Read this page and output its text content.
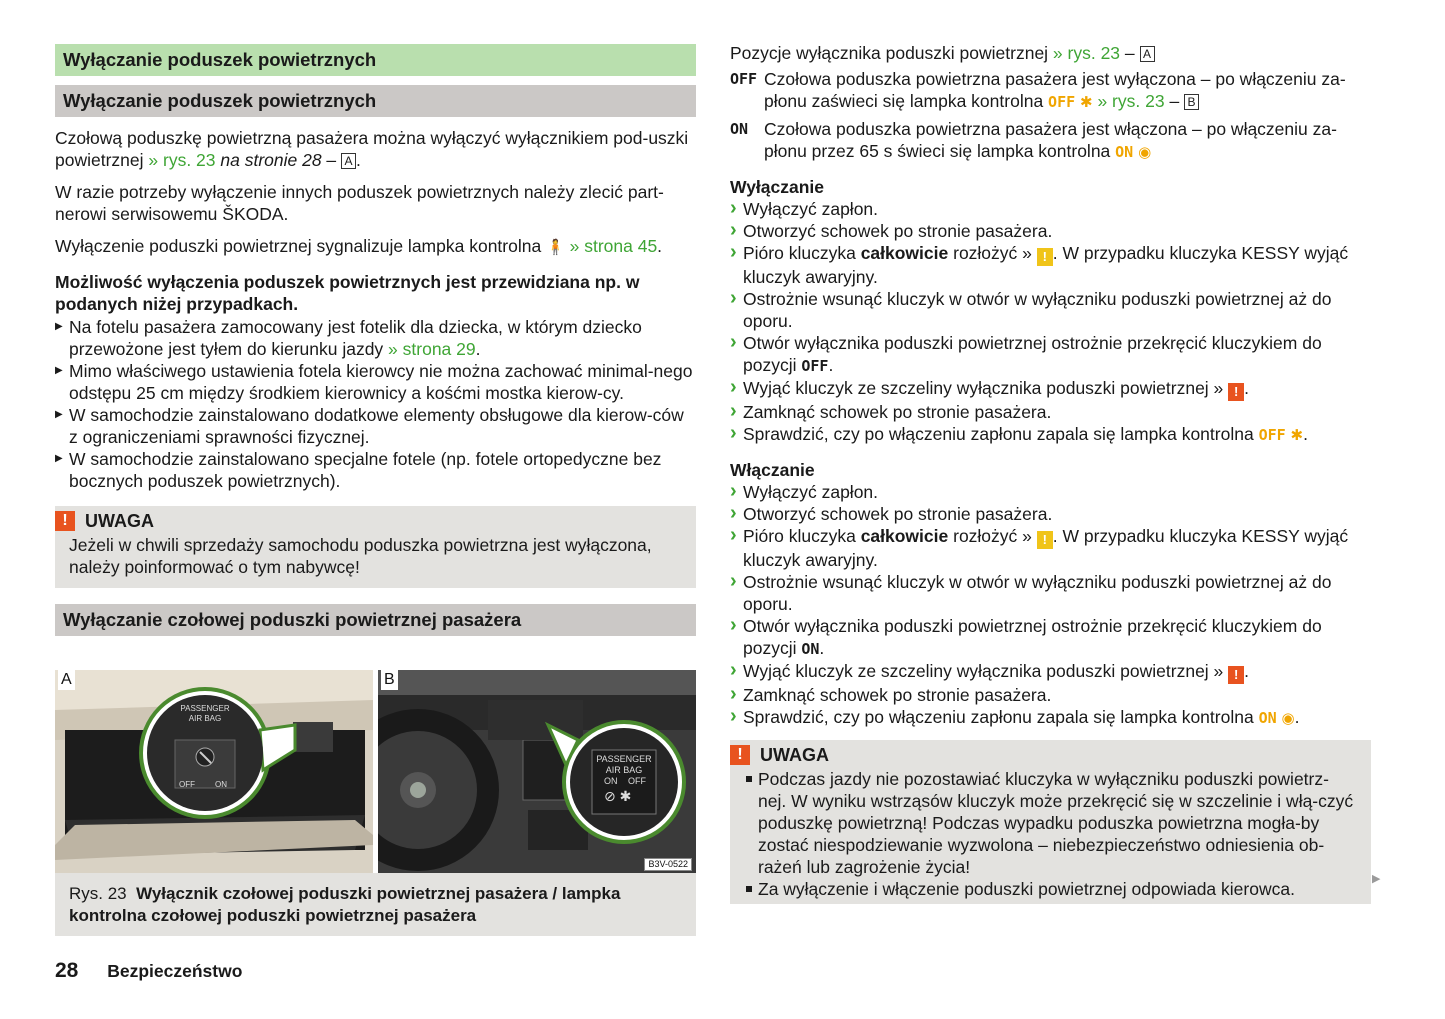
Wyłączanie poduszek powietrznych
Wyłączanie poduszek powietrznych

Czołową poduszkę powietrzną pasażera można wyłączyć wyłącznikiem pod-uszki powietrznej » rys. 23 na stronie 28 – A .

W razie potrzeby wyłączenie innych poduszek powietrznych należy zlecić part-nerowi serwisowemu ŠKODA.

Wyłączenie poduszki powietrznej sygnalizuje lampka kontrolna 🧍 » strona 45.

Możliwość wyłączenia poduszek powietrznych jest przewidziana np. w podanych niżej przypadkach.

▶ Na fotelu pasażera zamocowany jest fotelik dla dziecka, w którym dziecko przewożone jest tyłem do kierunku jazdy » strona 29.
▶ Mimo właściwego ustawienia fotela kierowcy nie można zachować minimal-nego odstępu 25 cm między środkiem kierownicy a kośćmi mostka kierow-cy.
▶ W samochodzie zainstalowano dodatkowe elementy obsługowe dla kierow-ców z ograniczeniami sprawności fizycznej.
▶ W samochodzie zainstalowano specjalne fotele (np. fotele ortopedyczne bez bocznych poduszek powietrznych).
! UWAGA
Jeżeli w chwili sprzedaży samochodu poduszka powietrzna jest wyłączona, należy poinformować o tym nabywcę!
Wyłączanie czołowej poduszki powietrznej pasażera
A
PASSENGER
AIR BAG
OFF	ON
B
PASSENGER
AIR BAG
ON OFF
⊘ ✱
B3V-0522
Rys. 23 Wyłącznik czołowej poduszki powietrznej pasażera / lampka kontrolna czołowej poduszki powietrznej pasażera
Pozycje wyłącznika poduszki powietrznej » rys. 23 – A
OFF Czołowa poduszka powietrzna pasażera jest wyłączona – po włączeniu za-płonu zaświeci się lampka kontrolna OFF ✱ » rys. 23 – B
ON Czołowa poduszka powietrzna pasażera jest włączona – po włączeniu za-płonu przez 65 s świeci się lampka kontrolna ON ◉
Wyłączanie
› Wyłączyć zapłon.
› Otworzyć schowek po stronie pasażera.
› Pióro kluczyka całkowicie rozłożyć » ! . W przypadku kluczyka KESSY wyjąć kluczyk awaryjny.
› Ostrożnie wsunąć kluczyk w otwór w wyłączniku poduszki powietrznej aż do oporu.
› Otwór wyłącznika poduszki powietrznej ostrożnie przekręcić kluczykiem do pozycji OFF.
› Wyjąć kluczyk ze szczeliny wyłącznika poduszki powietrznej » ! .
› Zamknąć schowek po stronie pasażera.
› Sprawdzić, czy po włączeniu zapłonu zapala się lampka kontrolna OFF ✱.
Włączanie
› Wyłączyć zapłon.
› Otworzyć schowek po stronie pasażera.
› Pióro kluczyka całkowicie rozłożyć » ! . W przypadku kluczyka KESSY wyjąć kluczyk awaryjny.
› Ostrożnie wsunąć kluczyk w otwór w wyłączniku poduszki powietrznej aż do oporu.
› Otwór wyłącznika poduszki powietrznej ostrożnie przekręcić kluczykiem do pozycji ON.
› Wyjąć kluczyk ze szczeliny wyłącznika poduszki powietrznej » ! .
› Zamknąć schowek po stronie pasażera.
› Sprawdzić, czy po włączeniu zapłonu zapala się lampka kontrolna ON ◉.
! UWAGA
Podczas jazdy nie pozostawiać kluczyka w wyłączniku poduszki powietrz-nej. W wyniku wstrząsów kluczyk może przekręcić się w szczelinie i włą-czyć poduszkę powietrzną! Podczas wypadku poduszka powietrzna mogła-by zostać niespodziewanie wyzwolona – niebezpieczeństwo odniesienia ob-rażeń lub zagrożenie życia!
Za wyłączenie i włączenie poduszki powietrznej odpowiada kierowca.	▶
28 Bezpieczeństwo
